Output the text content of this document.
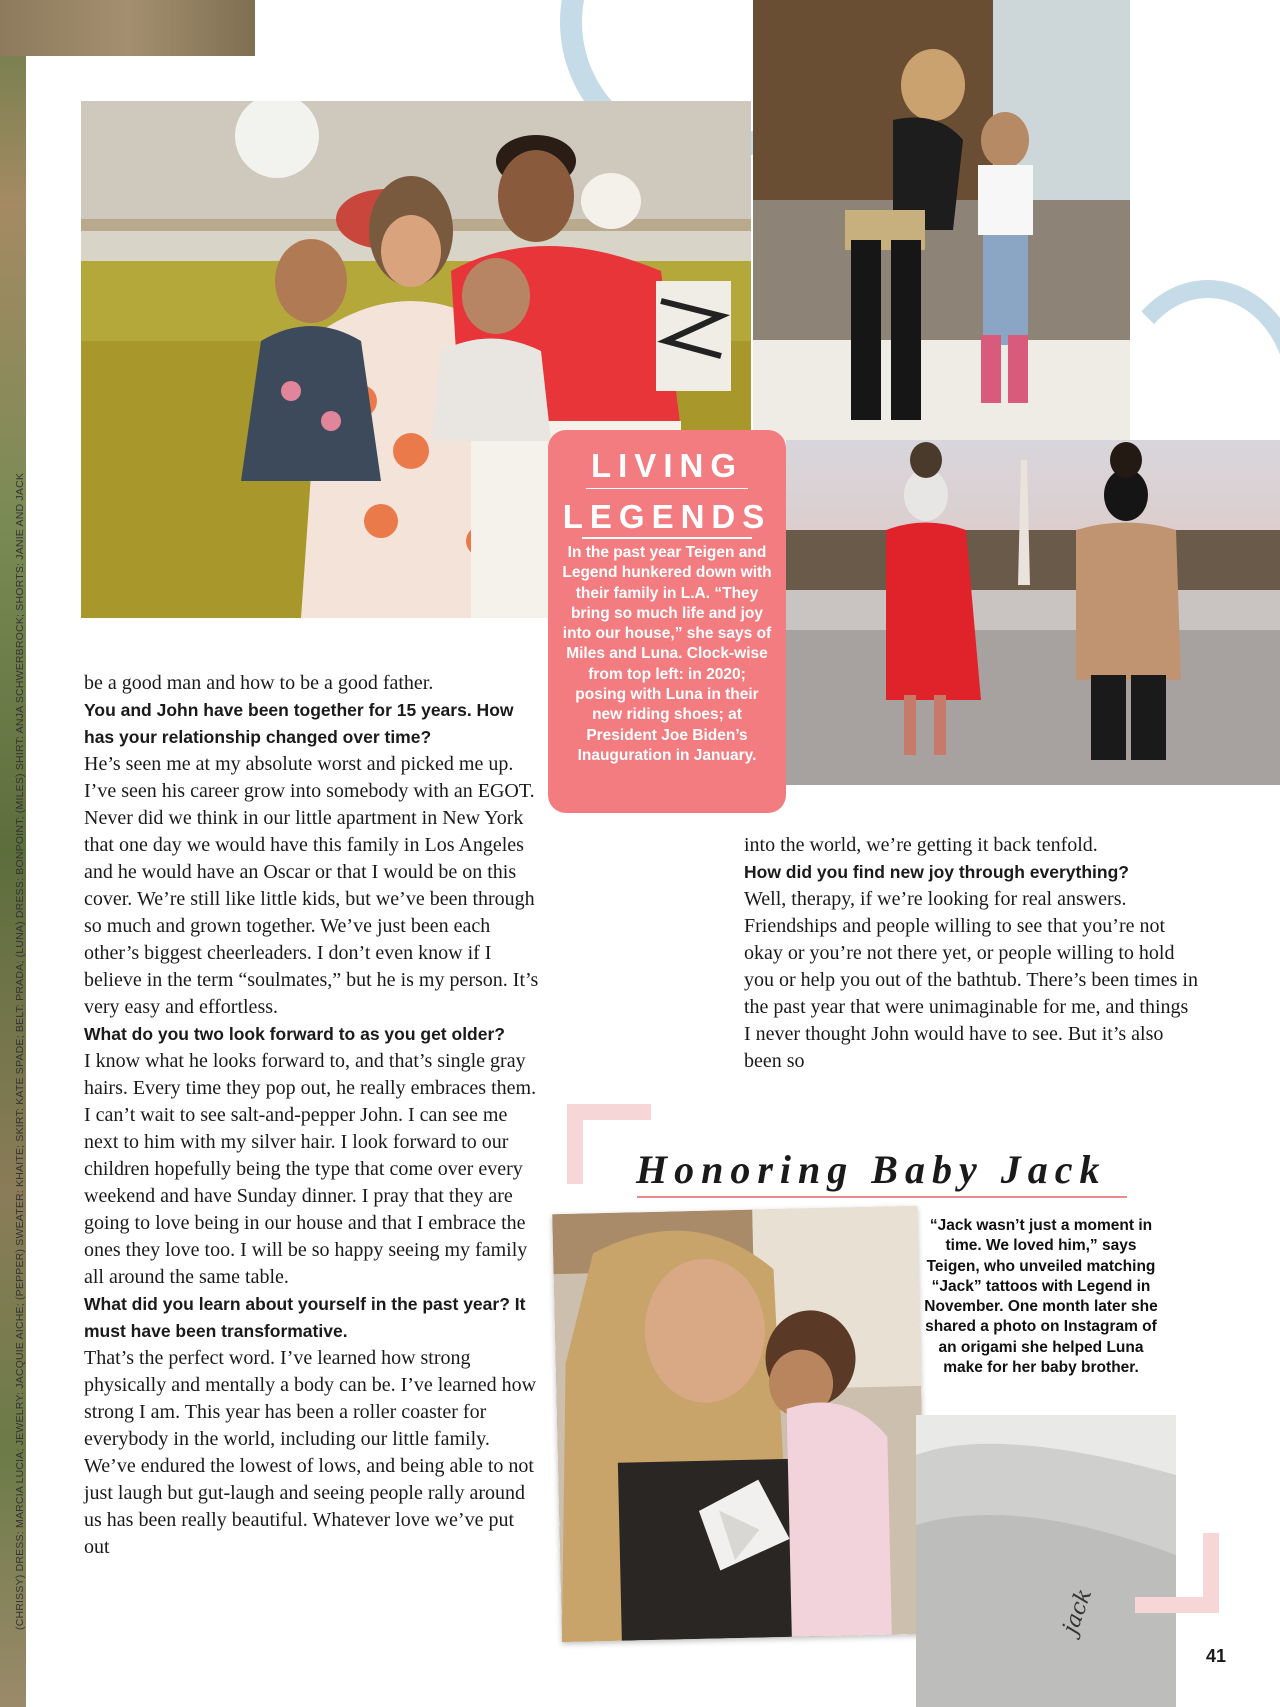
LIVING
LEGENDS
In the past year Teigen and Legend hunkered down with their family in L.A. “They bring so much life and joy into our house,” she says of Miles and Luna. Clock-wise from top left: in 2020; posing with Luna in their new riding shoes; at President Joe Biden’s Inauguration in January.
(CHRISSY) DRESS: MARCIA LUCIA; JEWELRY: JACQUIE AICHE; (PEPPER) SWEATER: KHAITE; SKIRT: KATE SPADE; BELT: PRADA; (LUNA) DRESS: BONPOINT; (MILES) SHIRT: ANJA SCHWERBROCK; SHORTS: JANIE AND JACK	be a good man and how to be a good father.

You and John have been together for 15 years. How has your relationship changed over time?

He’s seen me at my absolute worst and picked me up. I’ve seen his career grow into somebody with an EGOT. Never did we think in our little apartment in New York that one day we would have this family in Los Angeles and he would have an Oscar or that I would be on this cover. We’re still like little kids, but we’ve been through so much and grown together. We’ve just been each other’s biggest cheerleaders. I don’t even know if I believe in the term “soulmates,” but he is my person. It’s very easy and effortless.

What do you two look forward to as you get older?

I know what he looks forward to, and that’s single gray hairs. Every time they pop out, he really embraces them. I can’t wait to see salt-and-pepper John. I can see me next to him with my silver hair. I look forward to our children hopefully being the type that come over every weekend and have Sunday dinner. I pray that they are going to love being in our house and that I embrace the ones they love too. I will be so happy seeing my family all around the same table.

What did you learn about yourself in the past year? It must have been transformative.

That’s the perfect word. I’ve learned how strong physically and mentally a body can be. I’ve learned how strong I am. This year has been a roller coaster for everybody in the world, including our little family. We’ve endured the lowest of lows, and being able to not just laugh but gut-laugh and seeing people rally around us has been really beautiful. Whatever love we’ve put out

into the world, we’re getting it back tenfold.

How did you find new joy through everything?

Well, therapy, if we’re looking for real answers. Friendships and people willing to see that you’re not okay or you’re not there yet, or people willing to hold you or help you out of the bathtub. There’s been times in the past year that were unimaginable for me, and things I never thought John would have to see. But it’s also been so

Honoring Baby Jack
“Jack wasn’t just a moment in time. We loved him,” says Teigen, who unveiled matching “Jack” tattoos with Legend in November. One month later she shared a photo on Instagram of an origami she helped Luna make for her baby brother.
jack
41
